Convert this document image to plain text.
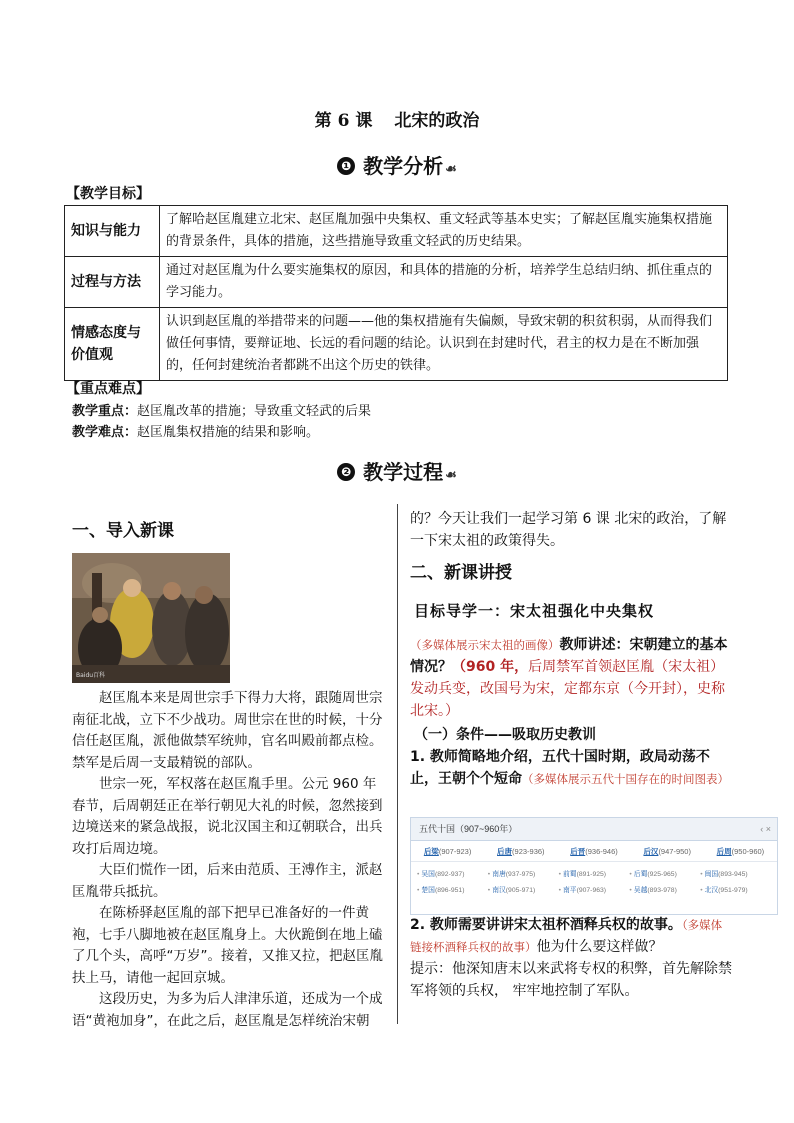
第 6 课 北宋的政治
❶ 教学分析 ☙
【教学目标】
知识与能力	了解哈赵匡胤建立北宋、赵匡胤加强中央集权、重文轻武等基本史实；了解赵匡胤实施集权措施的背景条件，具体的措施，这些措施导致重文轻武的历史结果。
过程与方法	通过对赵匡胤为什么要实施集权的原因，和具体的措施的分析，培养学生总结归纳、抓住重点的学习能力。
情感态度与价值观	认识到赵匡胤的举措带来的问题——他的集权措施有失偏颇，导致宋朝的积贫积弱，从而得我们做任何事情，要辩证地、长远的看问题的结论。认识到在封建时代，君主的权力是在不断加强的，任何封建统治者都跳不出这个历史的铁律。
【重点难点】
教学重点：赵匡胤改革的措施；导致重文轻武的后果
教学难点：赵匡胤集权措施的结果和影响。
❷ 教学过程 ☙
一、导入新课
Baidu百科

赵匡胤本来是周世宗手下得力大将，跟随周世宗南征北战，立下不少战功。周世宗在世的时候，十分信任赵匡胤，派他做禁军统帅，官名叫殿前都点检。禁军是后周一支最精锐的部队。

世宗一死，军权落在赵匡胤手里。公元 960 年春节，后周朝廷正在举行朝见大礼的时候，忽然接到边境送来的紧急战报，说北汉国主和辽朝联合，出兵攻打后周边境。

大臣们慌作一团，后来由范质、王溥作主，派赵匡胤带兵抵抗。

在陈桥驿赵匡胤的部下把早已准备好的一件黄袍，七手八脚地被在赵匡胤身上。大伙跪倒在地上磕了几个头，高呼“万岁”。接着，又推又拉，把赵匡胤扶上马，请他一起回京城。

这段历史，为多为后人津津乐道，还成为一个成语“黄袍加身”，在此之后，赵匡胤是怎样统治宋朝

的？今天让我们一起学习第 6 课 北宋的政治，了解一下宋太祖的政策得失。
二、新课讲授
目标导学一：宋太祖强化中央集权
（多媒体展示宋太祖的画像）教师讲述：宋朝建立的基本情况？（960 年，后周禁军首领赵匡胤（宋太祖）发动兵变，改国号为宋，定都东京（今开封），史称北宋。）
（一）条件——吸取历史教训
1. 教师简略地介绍，五代十国时期，政局动荡不止，王朝个个短命（多媒体展示五代十国存在的时间图表）
五代十国（907~960年）	‹ ×
后梁(907-923)	后唐(923-936)	后晋(936-946)	后汉(947-950)	后周(950-960)
• 吴国(892-937)	• 南唐(937-975)	• 前蜀(891-925)	• 后蜀(925-965)	• 闽国(893-945)
• 楚国(896-951)	• 南汉(905-971)	• 南平(907-963)	• 吴越(893-978)	• 北汉(951-979)
2. 教师需要讲讲宋太祖杯酒释兵权的故事。（多媒体链接杯酒释兵权的故事）他为什么要这样做？
提示：他深知唐末以来武将专权的积弊，首先解除禁军将领的兵权， 牢牢地控制了军队。
